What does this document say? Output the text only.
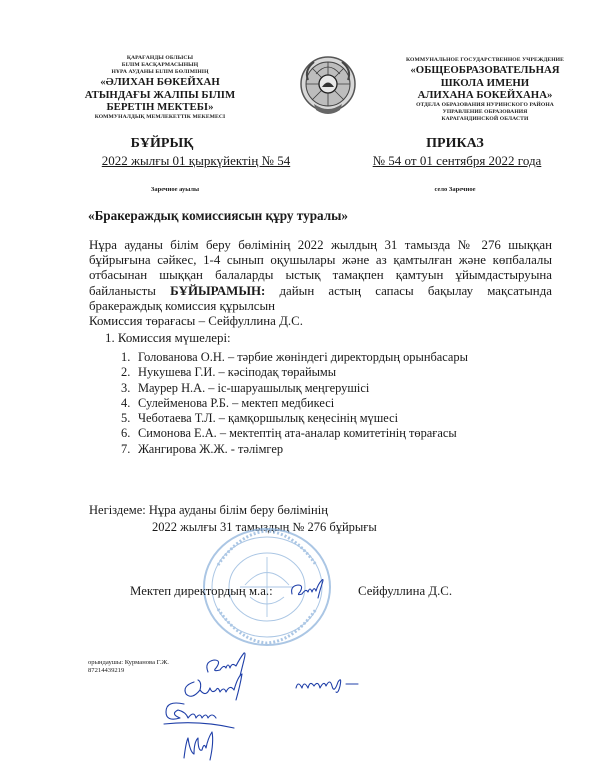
ҚАРАҒАНДЫ ОБЛЫСЫ
БІЛІМ БАСҚАРМАСЫНЫҢ
НҰРА АУДАНЫ БІЛІМ БӨЛІМІНІҢ
«ӘЛИХАН БӨКЕЙХАН
АТЫНДАҒЫ ЖАЛПЫ БІЛІМ
БЕРЕТІН МЕКТЕБІ»
КОММУНАЛДЫҚ МЕМЛЕКЕТТІК МЕКЕМЕСІ
КОММУНАЛЬНОЕ ГОСУДАРСТВЕННОЕ УЧРЕЖДЕНИЕ
«ОБЩЕОБРАЗОВАТЕЛЬНАЯ
ШКОЛА ИМЕНИ
АЛИХАНА БОКЕЙХАНА»
ОТДЕЛА ОБРАЗОВАНИЯ НУРИНСКОГО РАЙОНА
УПРАВЛЕНИЕ ОБРАЗОВАНИЯ
КАРАГАНДИНСКОЙ ОБЛАСТИ
БҰЙРЫҚ
2022 жылғы 01 қыркүйектің № 54
Заречное ауылы
ПРИКАЗ
№ 54 от 01 сентября 2022 года
село Заречное
«Бракераждық комиссиясын құру туралы»
Нұра ауданы білім беру бөлімінің 2022 жылдың 31 тамызда № 276 шыққан
бұйрығына сәйкес, 1-4 сынып оқушылары және аз қамтылған және көпбалалы
отбасынан шыққан балаларды ыстық тамақпен қамтуын ұйымдастыруына
байланысты БҰЙЫРАМЫН: дайын астың сапасы бақылау мақсатында
бракераждық комиссия құрылсын
Комиссия төрағасы – Сейфуллина Д.С.
1. Комиссия мүшелері:
1. Голованова О.Н. – тәрбие жөніндегі директордың орынбасары
2. Нукушева Г.И. – кәсіподақ төрайымы
3. Маурер Н.А. – іс-шаруашылық меңгерушісі
4. Сулейменова Р.Б. – мектеп медбикесі
5. Чеботаева Т.Л. – қамқоршылық кеңесінің мүшесі
6. Симонова Е.А. – мектептің ата-аналар комитетінің төрағасы
7. Жангирова Ж.Ж. - тәлімгер
Негіздеме: Нұра ауданы білім беру бөлімінің
2022 жылғы 31 тамыздың № 276 бұйрығы
Мектеп директордың м.а.:	Сейфуллина Д.С.
орындаушы: Курманова Г.Ж.
87214439219
